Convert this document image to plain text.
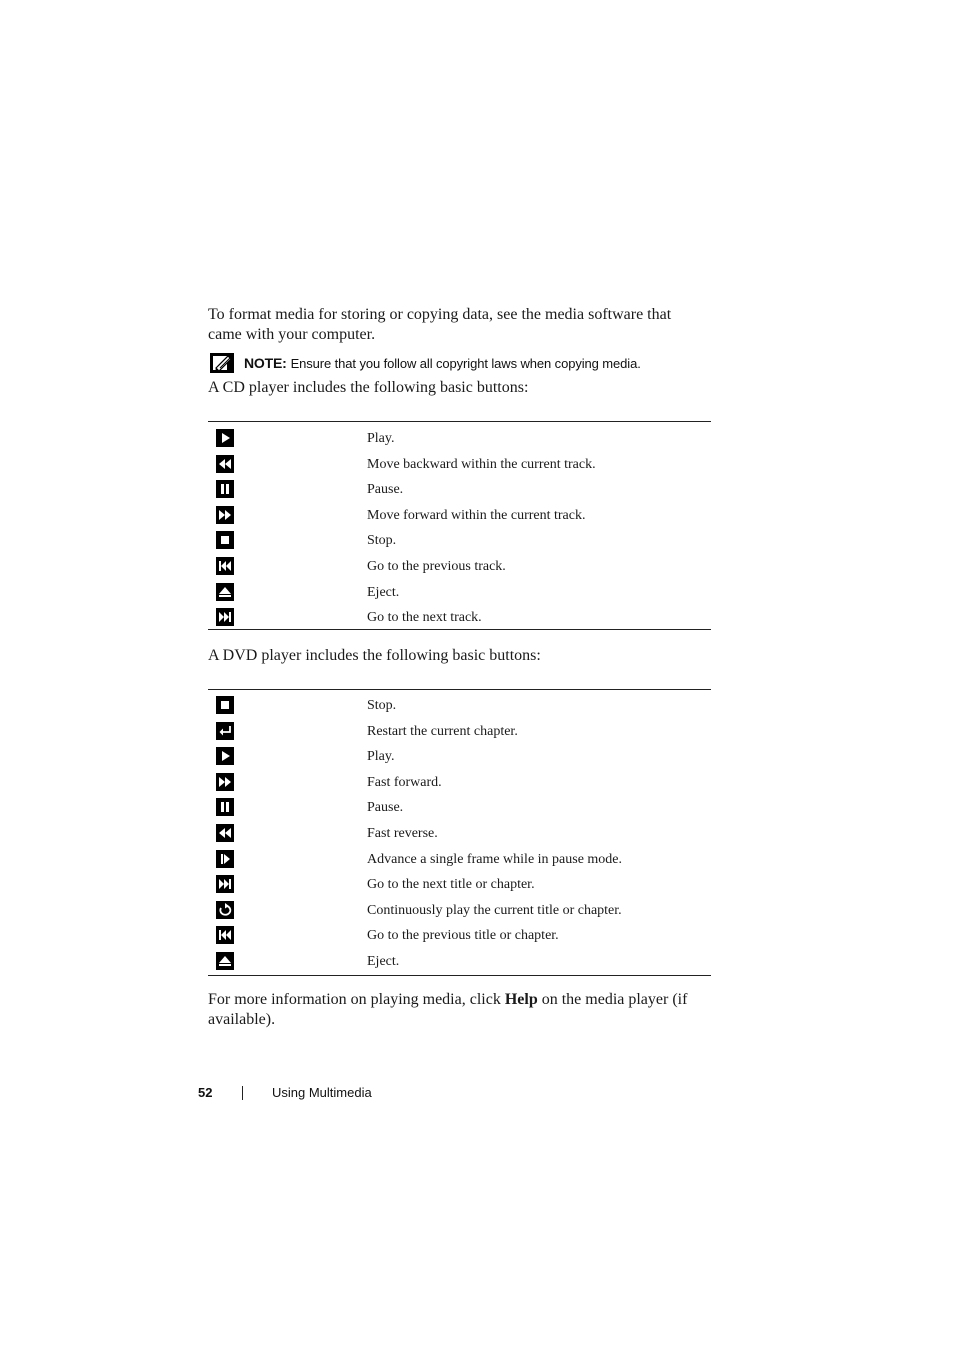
To format media for storing or copying data, see the media software that came with your computer.

NOTE: Ensure that you follow all copyright laws when copying media.

A CD player includes the following basic buttons:

Play.
Move backward within the current track.
Pause.
Move forward within the current track.
Stop.
Go to the previous track.
Eject.
Go to the next track.

A DVD player includes the following basic buttons:

Stop.
Restart the current chapter.
Play.
Fast forward.
Pause.
Fast reverse.
Advance a single frame while in pause mode.
Go to the next title or chapter.
Continuously play the current title or chapter.
Go to the previous title or chapter.
Eject.

For more information on playing media, click Help on the media player (if available).

52	Using Multimedia
